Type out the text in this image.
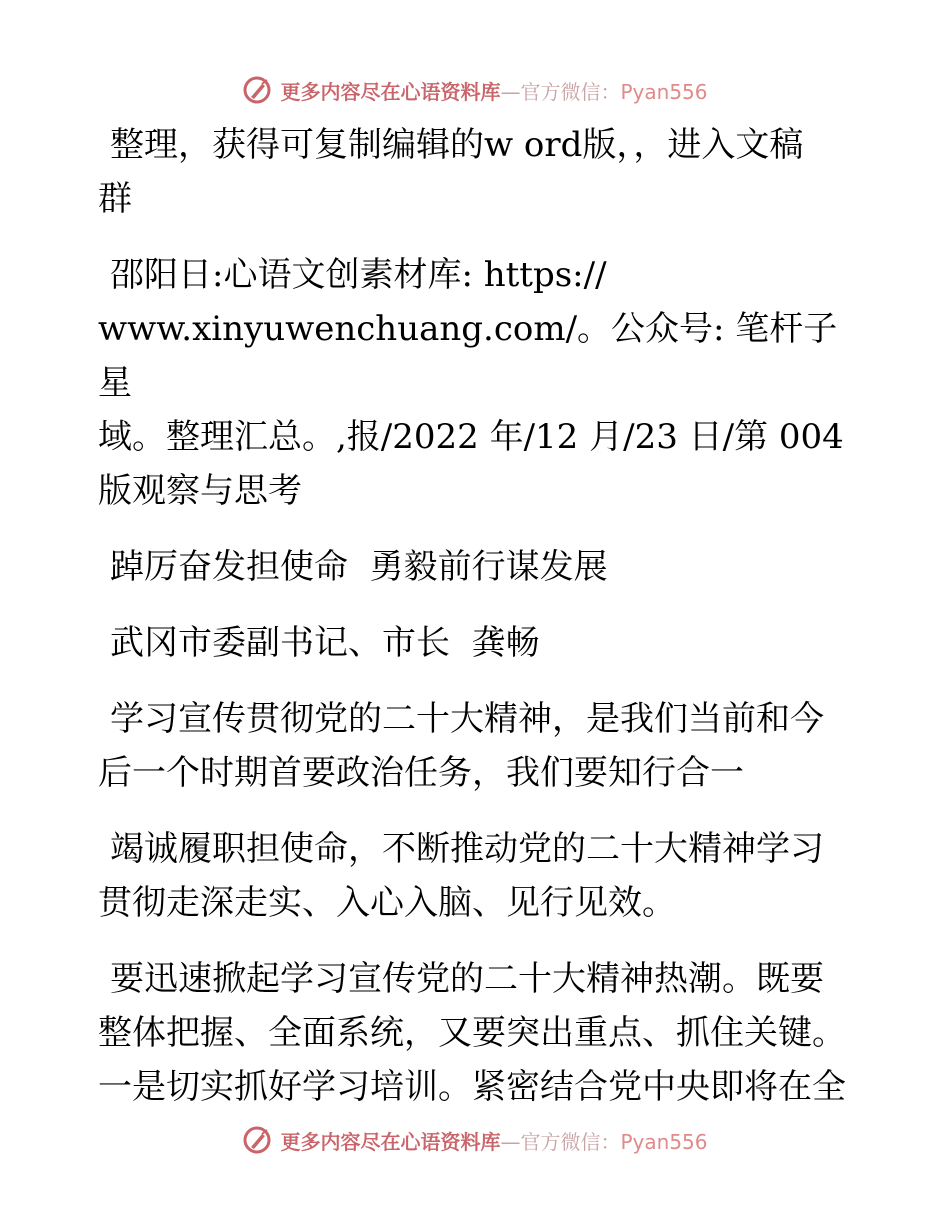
更多内容尽在心语资料库—官方微信：Pyan556
整理，获得可复制编辑的w ord版，，进入文稿
群
邵阳日:心语文创素材库: https://
www.xinyuwenchuang.com/。公众号: 笔杆子星
域。整理汇总。,报/2022 年/12 月/23 日/第 004
版观察与思考
踔厉奋发担使命  勇毅前行谋发展
武冈市委副书记、市长  龚畅
学习宣传贯彻党的二十大精神，是我们当前和今
后一个时期首要政治任务，我们要知行合一
竭诚履职担使命，不断推动党的二十大精神学习
贯彻走深走实、入心入脑、见行见效。
要迅速掀起学习宣传党的二十大精神热潮。既要
整体把握、全面系统，又要突出重点、抓住关键。
一是切实抓好学习培训。紧密结合党中央即将在全
更多内容尽在心语资料库—官方微信：Pyan556
